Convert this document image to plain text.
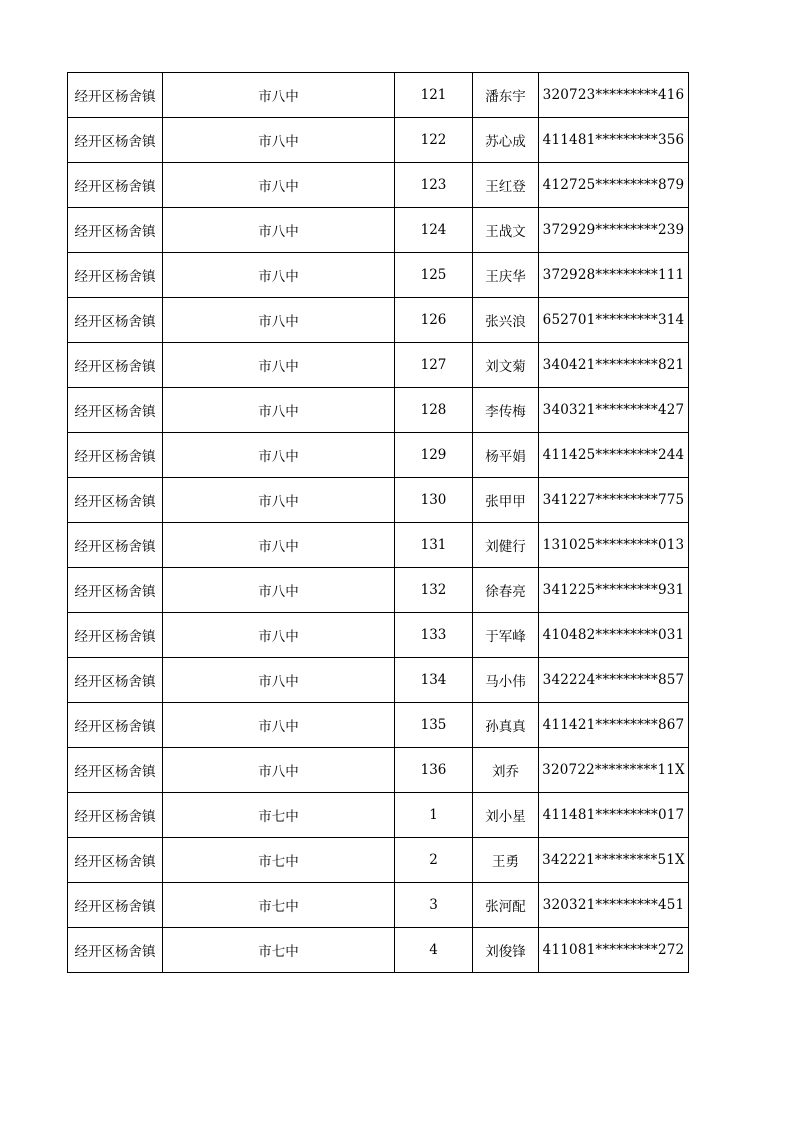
经开区杨舍镇	市八中	121	潘东宇	320723*********416
经开区杨舍镇	市八中	122	苏心成	411481*********356
经开区杨舍镇	市八中	123	王红登	412725*********879
经开区杨舍镇	市八中	124	王战文	372929*********239
经开区杨舍镇	市八中	125	王庆华	372928*********111
经开区杨舍镇	市八中	126	张兴浪	652701*********314
经开区杨舍镇	市八中	127	刘文菊	340421*********821
经开区杨舍镇	市八中	128	李传梅	340321*********427
经开区杨舍镇	市八中	129	杨平娟	411425*********244
经开区杨舍镇	市八中	130	张甲甲	341227*********775
经开区杨舍镇	市八中	131	刘健行	131025*********013
经开区杨舍镇	市八中	132	徐春亮	341225*********931
经开区杨舍镇	市八中	133	于军峰	410482*********031
经开区杨舍镇	市八中	134	马小伟	342224*********857
经开区杨舍镇	市八中	135	孙真真	411421*********867
经开区杨舍镇	市八中	136	刘乔	320722*********11X
经开区杨舍镇	市七中	1	刘小星	411481*********017
经开区杨舍镇	市七中	2	王勇	342221*********51X
经开区杨舍镇	市七中	3	张河配	320321*********451
经开区杨舍镇	市七中	4	刘俊锋	411081*********272
